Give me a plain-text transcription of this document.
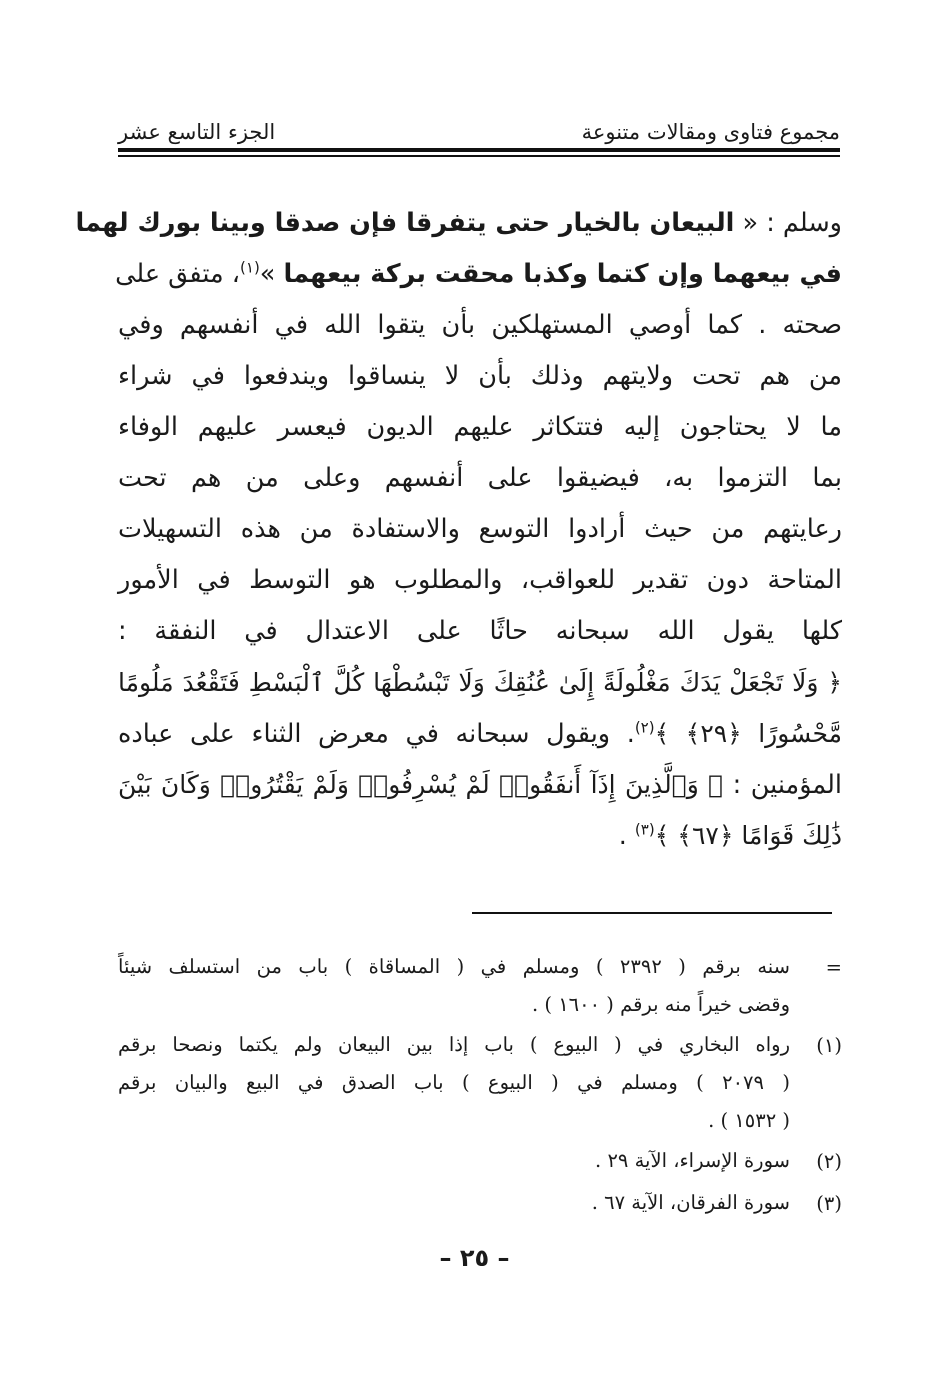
مجموع فتاوى ومقالات متنوعة
الجزء التاسع عشر
وسلم : « البيعان بالخيار حتى يتفرقا فإن صدقا وبينا بورك لهما
في بيعهما وإن كتما وكذبا محقت بركة بيعهما »$^{(١)}$، متفق على
صحته . كما أوصي المستهلكين بأن يتقوا الله في أنفسهم وفي
من هم تحت ولايتهم وذلك بأن لا ينساقوا ويندفعوا في شراء
ما لا يحتاجون إليه فتتكاثر عليهم الديون فيعسر عليهم الوفاء
بما التزموا به، فيضيقوا على أنفسهم وعلى من هم تحت
رعايتهم من حيث أرادوا التوسع والاستفادة من هذه التسهيلات
المتاحة دون تقدير للعواقب، والمطلوب هو التوسط في الأمور
كلها يقول الله سبحانه حاثًا على الاعتدال في النفقة :
﴿ وَلَا تَجْعَلْ يَدَكَ مَغْلُولَةً إِلَىٰ عُنُقِكَ وَلَا تَبْسُطْهَا كُلَّ ٱلْبَسْطِ فَتَقْعُدَ مَلُومًا
مَّحْسُورًا ﴿٢٩﴾ ﴾$^{(٢)}$. ويقول سبحانه في معرض الثناء على عباده
المؤمنين : ﴿ وَٱلَّذِينَ إِذَآ أَنفَقُوا۟ لَمْ يُسْرِفُوا۟ وَلَمْ يَقْتُرُوا۟ وَكَانَ بَيْنَ
ذَٰلِكَ قَوَامًا ﴿٦٧﴾ ﴾$^{(٣)}$ .
=
سنه برقم ( ٢٣٩٢ ) ومسلم في ( المساقاة ) باب من استسلف شيئاً
وقضى خيراً منه برقم ( ١٦٠٠ ) .
(١)
رواه البخاري في ( البيوع ) باب إذا بين البيعان ولم يكتما ونصحا برقم
( ٢٠٧٩ ) ومسلم في ( البيوع ) باب الصدق في البيع والبيان برقم
( ١٥٣٢ ) .
(٢)
سورة الإسراء، الآية ٢٩ .
(٣)
سورة الفرقان، الآية ٦٧ .
– ٢٥ –
